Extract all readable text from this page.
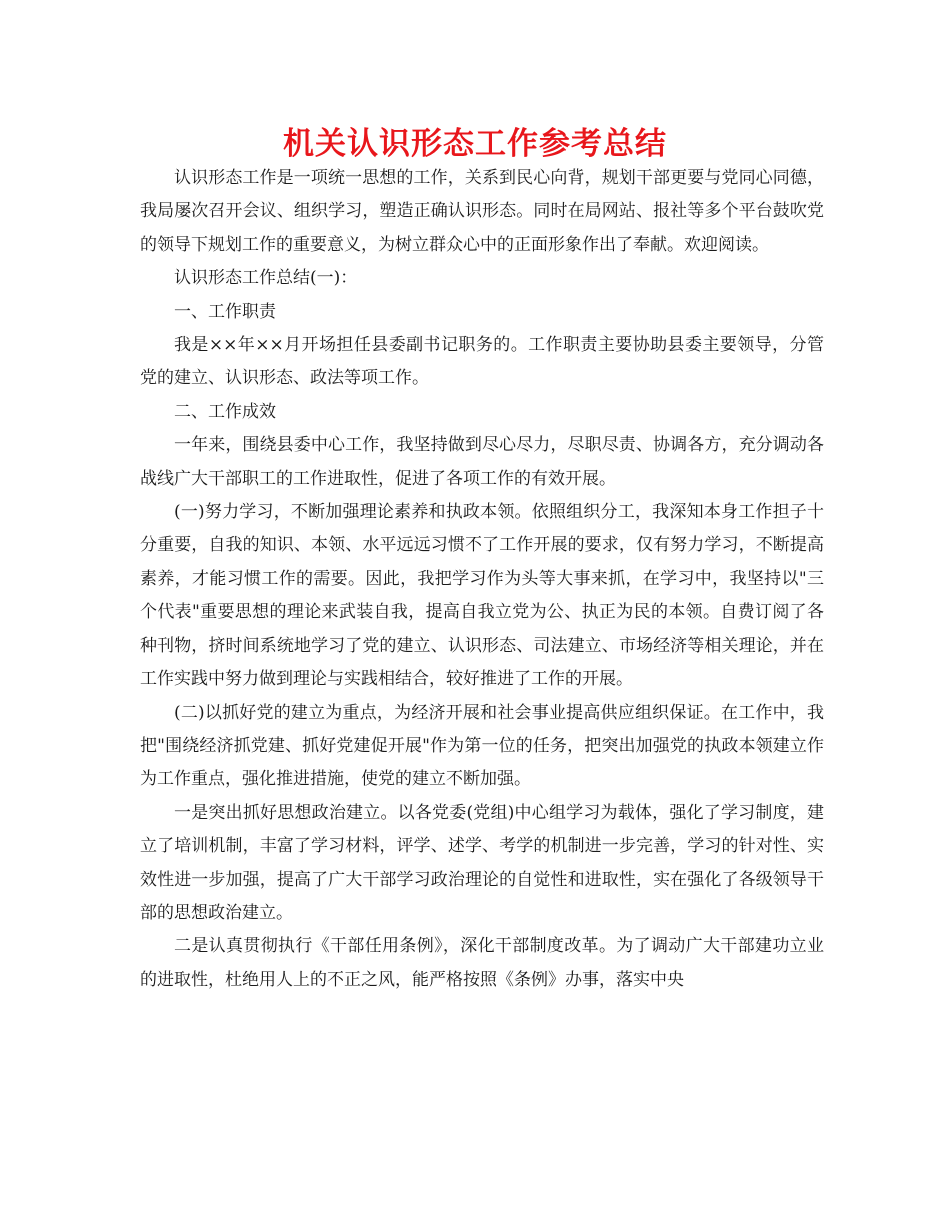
机关认识形态工作参考总结

认识形态工作是一项统一思想的工作，关系到民心向背，规划干部更要与党同心同德，我局屡次召开会议、组织学习，塑造正确认识形态。同时在局网站、报社等多个平台鼓吹党的领导下规划工作的重要意义，为树立群众心中的正面形象作出了奉献。欢迎阅读。

认识形态工作总结(一)：

一、工作职责

我是××年××月开场担任县委副书记职务的。工作职责主要协助县委主要领导，分管党的建立、认识形态、政法等项工作。

二、工作成效

一年来，围绕县委中心工作，我坚持做到尽心尽力，尽职尽责、协调各方，充分调动各战线广大干部职工的工作进取性，促进了各项工作的有效开展。

(一)努力学习，不断加强理论素养和执政本领。依照组织分工，我深知本身工作担子十分重要，自我的知识、本领、水平远远习惯不了工作开展的要求，仅有努力学习，不断提高素养，才能习惯工作的需要。因此，我把学习作为头等大事来抓，在学习中，我坚持以"三个代表"重要思想的理论来武装自我，提高自我立党为公、执正为民的本领。自费订阅了各种刊物，挤时间系统地学习了党的建立、认识形态、司法建立、市场经济等相关理论，并在工作实践中努力做到理论与实践相结合，较好推进了工作的开展。

(二)以抓好党的建立为重点，为经济开展和社会事业提高供应组织保证。在工作中，我把"围绕经济抓党建、抓好党建促开展"作为第一位的任务，把突出加强党的执政本领建立作为工作重点，强化推进措施，使党的建立不断加强。

一是突出抓好思想政治建立。以各党委(党组)中心组学习为载体，强化了学习制度，建立了培训机制，丰富了学习材料，评学、述学、考学的机制进一步完善，学习的针对性、实效性进一步加强，提高了广大干部学习政治理论的自觉性和进取性，实在强化了各级领导干部的思想政治建立。

二是认真贯彻执行《干部任用条例》，深化干部制度改革。为了调动广大干部建功立业的进取性，杜绝用人上的不正之风，能严格按照《条例》办事，落实中央
